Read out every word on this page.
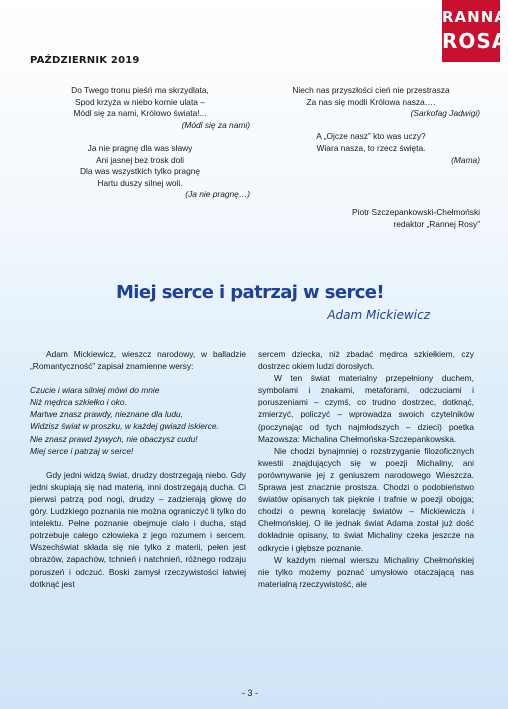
RANNA
ROSA
PAŹDZIERNIK 2019
Do Twego tronu pieśń ma skrzydlata,
Spod krzyża w niebo kornie ulata –
Módl się za nami, Królowo świata!...
(Módl się za nami)
Ja nie pragnę dla was sławy
Ani jasnej bez trosk doli
Dla was wszystkich tylko pragnę
Hartu duszy silnej woli.
(Ja nie pragnę…)
Niech nas przyszłości cień nie przestrasza
Za nas się modli Królowa nasza….
(Sarkofag Jadwigi)
A „Ojcze nasz” kto was uczy?
Wiara nasza, to rzecz święta.
(Mama)
Piotr Szczepankowski-Chełmoński
redaktor „Rannej Rosy”
Miej serce i patrzaj w serce!
Adam Mickiewicz

Adam Mickiewicz, wieszcz narodowy, w balladzie „Romantyczność” zapisał znamienne wersy:

Czucie i wiara silniej mówi do mnie
Niż mędrca szkiełko i oko.
Martwe znasz prawdy, nieznane dla ludu,
Widzisz świat w proszku, w każdej gwiazd iskierce.
Nie znasz prawd żywych, nie obaczysz cudu!
Miej serce i patrzaj w serce!

Gdy jedni widzą świat, drudzy dostrzegają niebo. Gdy jedni skupiają się nad materią, inni dostrzegają ducha. Ci pierwsi patrzą pod nogi, drudzy – zadzierają głowę do góry. Ludzkiego poznania nie można ograniczyć li tylko do intelektu. Pełne poznanie obejmuje ciało i ducha, stąd potrzebuje całego człowieka z jego rozumem i sercem. Wszechświat składa się nie tylko z materii, pełen jest obrazów, zapachów, tchnień i natchnień, różnego rodzaju poruszeń i odczuć. Boski zamysł rzeczywistości łatwiej dotknąć jest

sercem dziecka, niż zbadać mędrca szkiełkiem, czy dostrzec okiem ludzi dorosłych.

W ten świat materialny przepełniony duchem, symbolami i znakami, metaforami, odczuciami i poruszeniami – czymś, co trudno dostrzec, dotknąć, zmierzyć, policzyć – wprowadza swoich czytelników (poczynając od tych najmłodszych – dzieci) poetka Mazowsza: Michalina Chełmońska-Szczepankowska.

Nie chodzi bynajmniej o rozstrzyganie filozoficznych kwestii znajdujących się w poezji Michaliny, ani porównywanie jej z geniuszem narodowego Wieszcza. Sprawa jest znacznie prostsza. Chodzi o podobieństwo światów opisanych tak pięknie i trafnie w poezji obojga; chodzi o pewną korelację światów – Mickiewicza i Chełmońskiej. O ile jednak świat Adama został już dość dokładnie opisany, to świat Michaliny czeka jeszcze na odkrycie i głębsze poznanie.

W każdym niemal wierszu Michaliny Chełmońskiej nie tylko możemy poznać umysłowo otaczającą nas materialną rzeczywistość, ale

- 3 -
